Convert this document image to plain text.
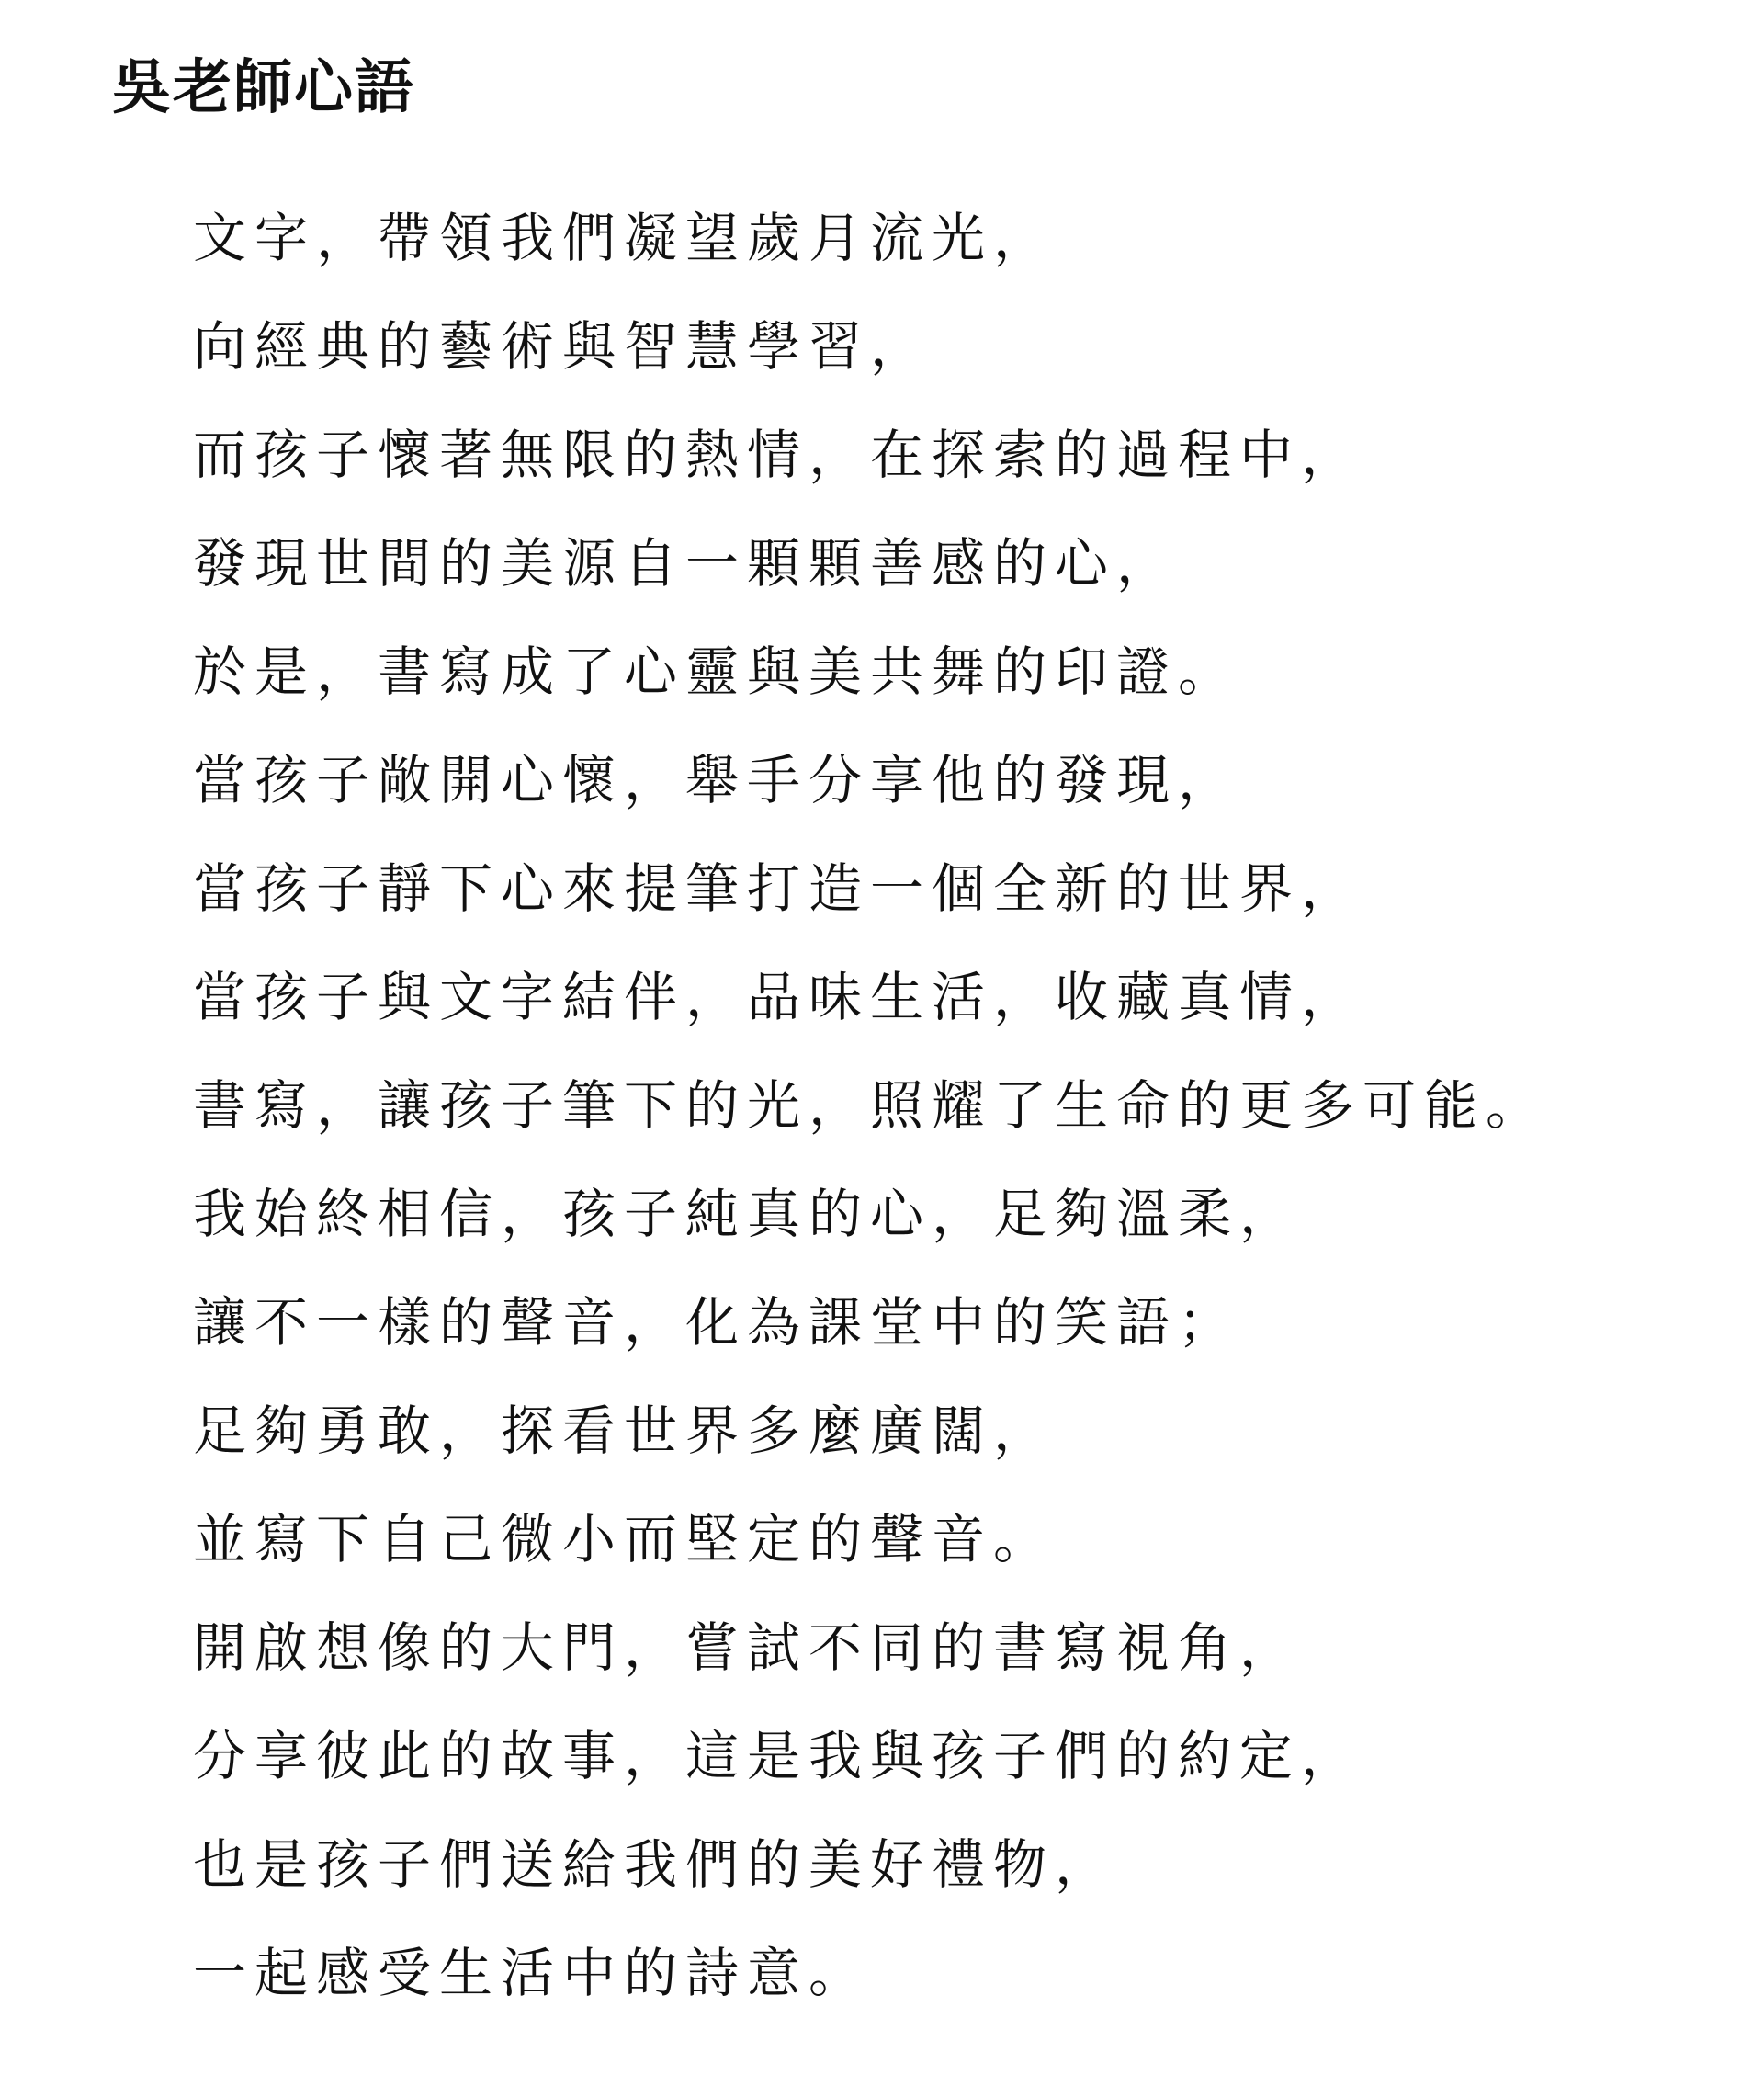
吳老師心語
文字，帶領我們凝望歲月流光，
向經典的藝術與智慧學習，
而孩子懷著無限的熱情，在探索的過程中，
發現世間的美源自一顆顆善感的心，
於是，書寫成了心靈與美共舞的印證。
當孩子敞開心懷，舉手分享他的發現，
當孩子靜下心來提筆打造一個全新的世界，
當孩子與文字結伴，品味生活，收藏真情，
書寫，讓孩子筆下的光，照耀了生命的更多可能。
我始終相信，孩子純真的心，足夠溫柔，
讓不一樣的聲音，化為課堂中的笑語；
足夠勇敢，探看世界多麼廣闊，
並寫下自己微小而堅定的聲音。
開啟想像的大門，嘗試不同的書寫視角，
分享彼此的故事，這是我與孩子們的約定，
也是孩子們送給我們的美好禮物，
一起感受生活中的詩意。
